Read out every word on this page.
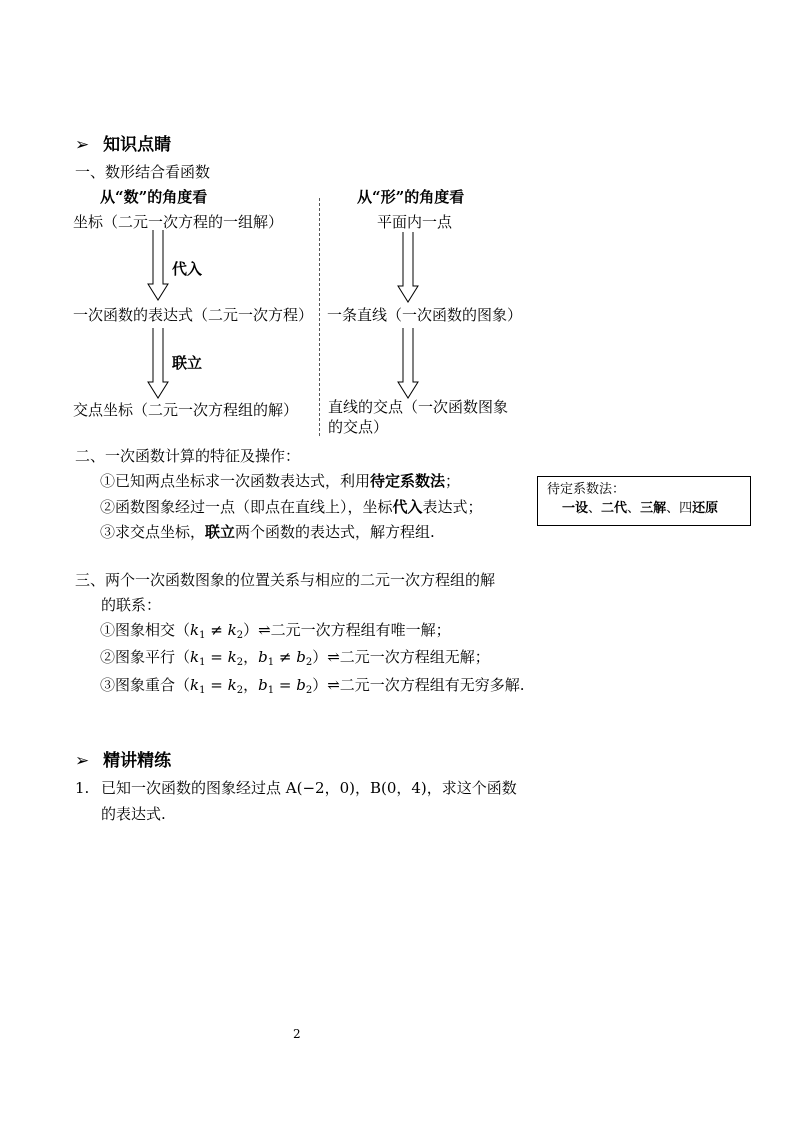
➢ 知识点睛
一、数形结合看函数
从“数”的角度看	从“形”的角度看
坐标（二元一次方程的一组解）	平面内一点
代入
联立
一次函数的表达式（二元一次方程） 一条直线（一次函数的图象）
交点坐标（二元一次方程组的解） 直线的交点（一次函数图象
的交点）
二、一次函数计算的特征及操作：
①已知两点坐标求一次函数表达式，利用待定系数法；
②函数图象经过一点（即点在直线上），坐标代入表达式；
③求交点坐标，联立两个函数的表达式，解方程组.
待定系数法：
一设、二代、三解、四还原
三、两个一次函数图象的位置关系与相应的二元一次方程组的解
的联系：
①图象相交（$k_1$ ≠ $k_2)\rightleftharpoons$二元一次方程组有唯一解；
②图象平行（$k_1 = k_2$，$b_1$ ≠ $b_2)\rightleftharpoons$二元一次方程组无解；
③图象重合（$k_1 = k_2$，$b_1$ = $b_2)\rightleftharpoons$二元一次方程组有无穷多解.
➢ 精讲精练
1. 已知一次函数的图象经过点 A(−2，0)，B(0，4)，求这个函数
的表达式.
2
